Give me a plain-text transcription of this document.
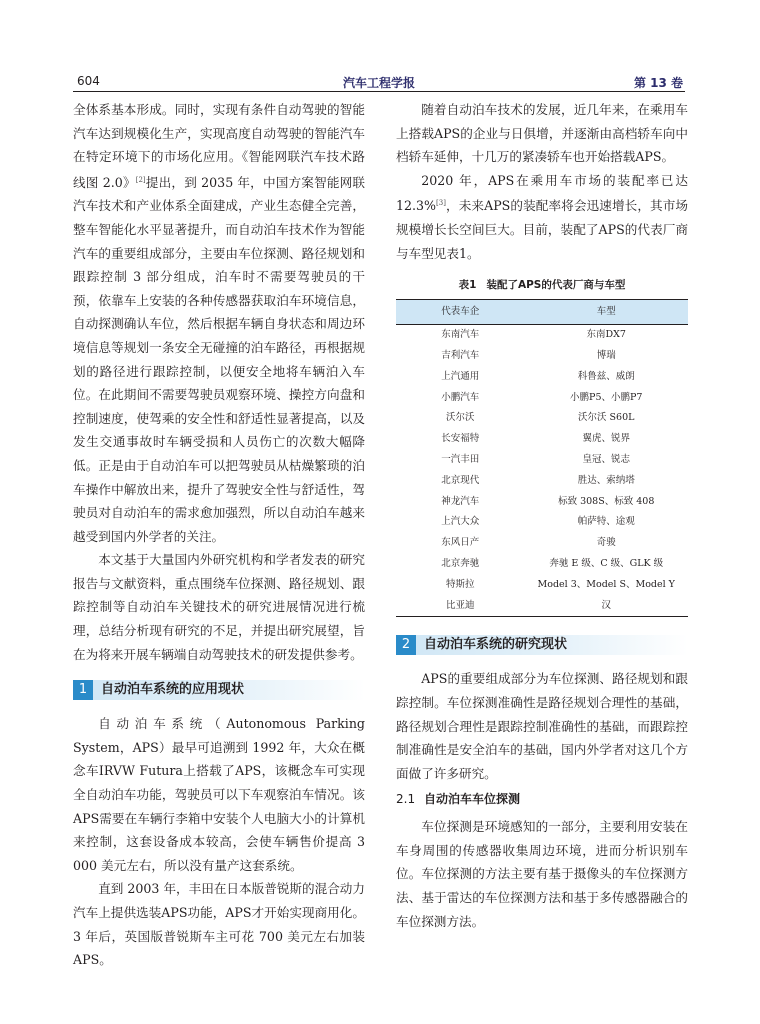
604	汽车工程学报	第 13 卷

全体系基本形成。同时，实现有条件自动驾驶的智能汽车达到规模化生产，实现高度自动驾驶的智能汽车在特定环境下的市场化应用。《智能网联汽车技术路线图 2.0》[2]提出，到 2035 年，中国方案智能网联汽车技术和产业体系全面建成，产业生态健全完善，整车智能化水平显著提升，而自动泊车技术作为智能汽车的重要组成部分，主要由车位探测、路径规划和跟踪控制 3 部分组成，泊车时不需要驾驶员的干预，依靠车上安装的各种传感器获取泊车环境信息，自动探测确认车位，然后根据车辆自身状态和周边环境信息等规划一条安全无碰撞的泊车路径，再根据规划的路径进行跟踪控制，以便安全地将车辆泊入车位。在此期间不需要驾驶员观察环境、操控方向盘和控制速度，使驾乘的安全性和舒适性显著提高，以及发生交通事故时车辆受损和人员伤亡的次数大幅降低。正是由于自动泊车可以把驾驶员从枯燥繁琐的泊车操作中解放出来，提升了驾驶安全性与舒适性，驾驶员对自动泊车的需求愈加强烈，所以自动泊车越来越受到国内外学者的关注。

本文基于大量国内外研究机构和学者发表的研究报告与文献资料，重点围绕车位探测、路径规划、跟踪控制等自动泊车关键技术的研究进展情况进行梳理，总结分析现有研究的不足，并提出研究展望，旨在为将来开展车辆端自动驾驶技术的研发提供参考。

1	自动泊车系统的应用现状

自动泊车系统（Autonomous Parking System，APS）最早可追溯到 1992 年，大众在概念车IRVW Futura上搭载了APS，该概念车可实现全自动泊车功能，驾驶员可以下车观察泊车情况。该APS需要在车辆行李箱中安装个人电脑大小的计算机来控制，这套设备成本较高，会使车辆售价提高 3 000 美元左右，所以没有量产这套系统。

直到 2003 年，丰田在日本版普锐斯的混合动力汽车上提供选装APS功能，APS才开始实现商用化。3 年后，英国版普锐斯车主可花 700 美元左右加装APS。

随着自动泊车技术的发展，近几年来，在乘用车上搭载APS的企业与日俱增，并逐渐由高档轿车向中档轿车延伸，十几万的紧凑轿车也开始搭载APS。

2020 年，APS在乘用车市场的装配率已达12.3%[3]，未来APS的装配率将会迅速增长，其市场规模增长长空间巨大。目前，装配了APS的代表厂商与车型见表1。

表1 装配了APS的代表厂商与车型
代表车企	车型
东南汽车	东南DX7
吉利汽车	博瑞
上汽通用	科鲁兹、威朗
小鹏汽车	小鹏P5、小鹏P7
沃尔沃	沃尔沃 S60L
长安福特	翼虎、锐界
一汽丰田	皇冠、锐志
北京现代	胜达、索纳塔
神龙汽车	标致 308S、标致 408
上汽大众	帕萨特、途观
东风日产	奇骏
北京奔驰	奔驰 E 级、C 级、GLK 级
特斯拉	Model 3、Model S、Model Y
比亚迪	汉
2	自动泊车系统的研究现状

APS的重要组成部分为车位探测、路径规划和跟踪控制。车位探测准确性是路径规划合理性的基础，路径规划合理性是跟踪控制准确性的基础，而跟踪控制准确性是安全泊车的基础，国内外学者对这几个方面做了许多研究。

2.1 自动泊车车位探测

车位探测是环境感知的一部分，主要利用安装在车身周围的传感器收集周边环境，进而分析识别车位。车位探测的方法主要有基于摄像头的车位探测方法、基于雷达的车位探测方法和基于多传感器融合的车位探测方法。
